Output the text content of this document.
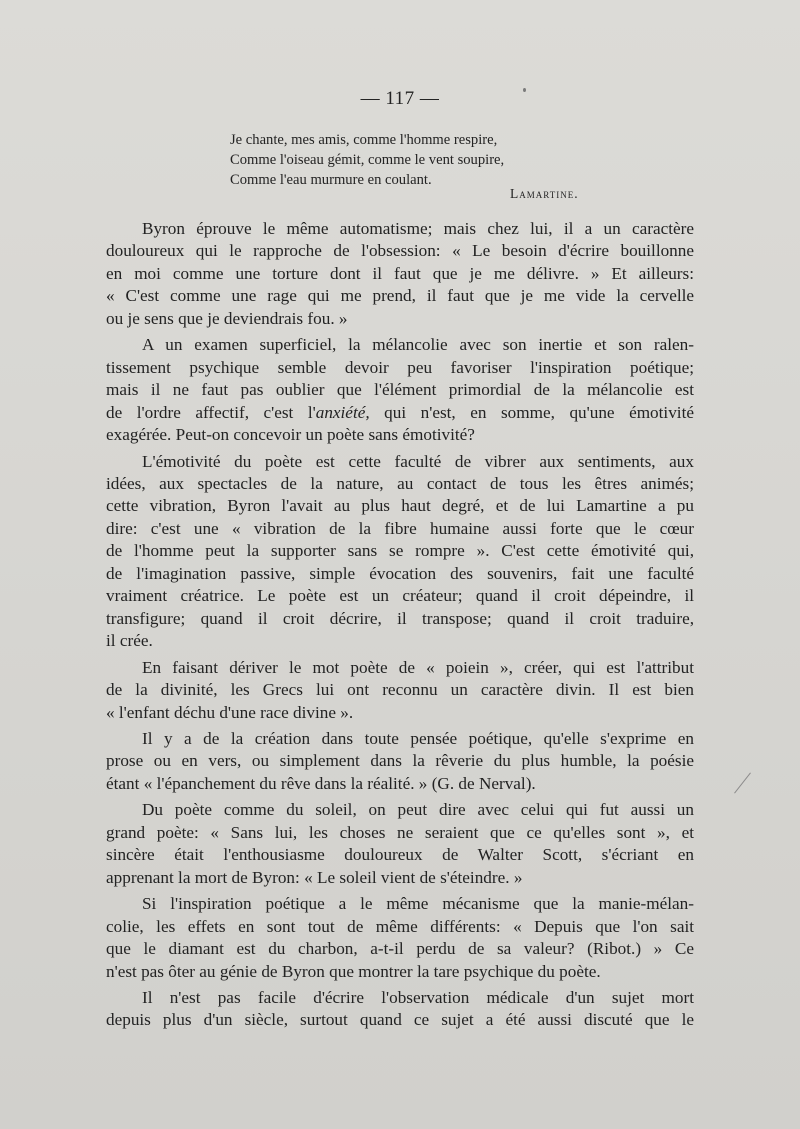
— 117 —
Je chante, mes amis, comme l'homme respire,
Comme l'oiseau gémit, comme le vent soupire,
Comme l'eau murmure en coulant.
Lamartine.
Byron éprouve le même automatisme; mais chez lui, il a un caractère
douloureux qui le rapproche de l'obsession: « Le besoin d'écrire bouillonne
en moi comme une torture dont il faut que je me délivre. » Et ailleurs:
« C'est comme une rage qui me prend, il faut que je me vide la cervelle
ou je sens que je deviendrais fou. »
A un examen superficiel, la mélancolie avec son inertie et son ralen-
tissement psychique semble devoir peu favoriser l'inspiration poétique;
mais il ne faut pas oublier que l'élément primordial de la mélancolie est
de l'ordre affectif, c'est l'anxiété, qui n'est, en somme, qu'une émotivité
exagérée. Peut-on concevoir un poète sans émotivité?
L'émotivité du poète est cette faculté de vibrer aux sentiments, aux
idées, aux spectacles de la nature, au contact de tous les êtres animés;
cette vibration, Byron l'avait au plus haut degré, et de lui Lamartine a pu
dire: c'est une « vibration de la fibre humaine aussi forte que le cœur
de l'homme peut la supporter sans se rompre ». C'est cette émotivité qui,
de l'imagination passive, simple évocation des souvenirs, fait une faculté
vraiment créatrice. Le poète est un créateur; quand il croit dépeindre, il
transfigure; quand il croit décrire, il transpose; quand il croit traduire,
il crée.
En faisant dériver le mot poète de « poiein », créer, qui est l'attribut
de la divinité, les Grecs lui ont reconnu un caractère divin. Il est bien
« l'enfant déchu d'une race divine ».
Il y a de la création dans toute pensée poétique, qu'elle s'exprime en
prose ou en vers, ou simplement dans la rêverie du plus humble, la poésie
étant « l'épanchement du rêve dans la réalité. » (G. de Nerval).
Du poète comme du soleil, on peut dire avec celui qui fut aussi un
grand poète: « Sans lui, les choses ne seraient que ce qu'elles sont », et
sincère était l'enthousiasme douloureux de Walter Scott, s'écriant en
apprenant la mort de Byron: « Le soleil vient de s'éteindre. »
Si l'inspiration poétique a le même mécanisme que la manie-mélan-
colie, les effets en sont tout de même différents: « Depuis que l'on sait
que le diamant est du charbon, a-t-il perdu de sa valeur? (Ribot.) » Ce
n'est pas ôter au génie de Byron que montrer la tare psychique du poète.
Il n'est pas facile d'écrire l'observation médicale d'un sujet mort
depuis plus d'un siècle, surtout quand ce sujet a été aussi discuté que le
